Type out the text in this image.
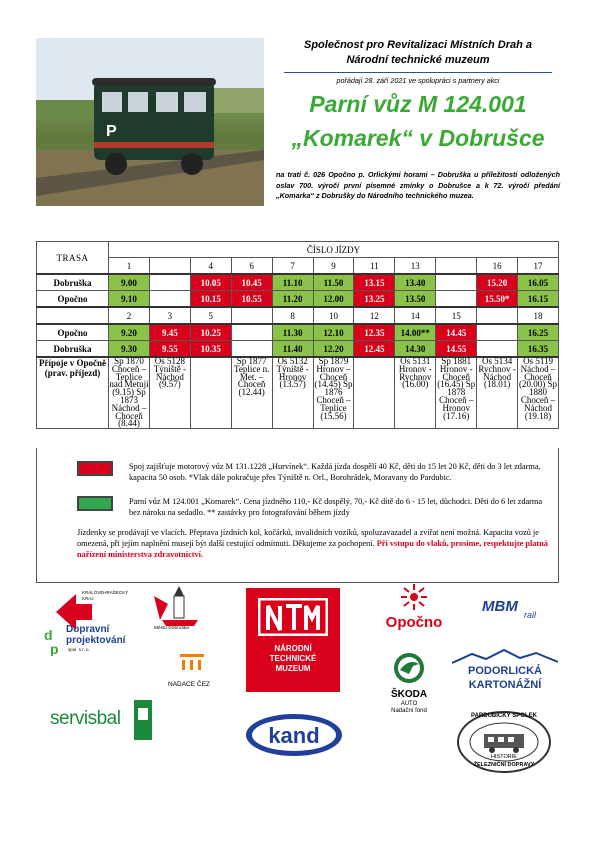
P
Společnost pro Revitalizaci Místních Drah a
Národní technické muzeum
pořádají 28. září 2021 ve spolupráci s partnery akci
Parní vůz M 124.001
„Komarek“ v Dobrušce
na trati č. 026 Opočno p. Orlickými horami – Dobruška u příležitosti odložených oslav 700. výročí první písemné zmínky o Dobrušce a k 72. výročí předání „Komarka“ z Dobrušky do Národního technického muzea.
TRASA	ČÍSLO JÍZDY										
	1		4	6	7	9	11	13		16	17
Dobruška	9.00		10.05	10.45	11.10	11.50	13.15	13.40		15.20	16.05
Opočno	9.10		10.15	10.55	11.20	12.00	13.25	13.50		15.50*	16.15
	2	3	5		8	10	12	14	15		18
Opočno	9.20	9.45	10.25		11.30	12.10	12.35	14.00**	14.45		16.25
Dobruška	9.30	9.55	10.35		11.40	12.20	12.45	14.30	14.55		16.35
Přípoje v Opočně (prav. příjezd)	Sp 1870 Choceň – Teplice nad Metují (9.15) Sp 1873 Náchod – Choceň (8.44)	Os 5128 Týniště - Náchod (9.57)		Sp 1877 Teplice n. Met. – Choceň (12.44)	Os 5132 Týniště - Hronov (13.57)	Sp 1879 Hronov – Choceň (14.45) Sp 1876 Choceň – Teplice (15.56)		Os 5131 Hronov - Rychnov (16.00)	Sp 1881 Hronov - Choceň (16.45) Sp 1878 Choceň – Hronov (17.16)	Os 5134 Rychnov - Náchod (18.01)	Os 5119 Náchod – Choceň (20.00) Sp 1880 Choceň – Náchod (19.18)
Spoj zajišťuje motorový vůz M 131.1228 „Hurvínek“. Každá jízda dospělí 40 Kč, děti do 15 let 20 Kč, děti do 3 let zdarma, kapacita 50 osob. *Vlak dále pokračuje přes Týniště n. Orl., Borohrádek, Moravany do Pardubic.
Parní vůz M 124.001 „Komarek“. Cena jízdného 110,- Kč dospělý, 70,- Kč dítě do 6 - 15 let, důchodci. Děti do 6 let zdarma bez nároku na sedadlo. ** zastávky pro fotografování během jízdy
Jízdenky se prodávají ve vlacích. Přeprava jízdních kol, kočárků, invalidních vozíků, spoluzavazadel a zvířat není možná. Kapacita vozů je omezená, při jejím naplnění musejí být další cestující odmítnuti. Děkujeme za pochopení. Při vstupu do vlaků, prosíme, respektujte platná nařízení ministerstva zdravotnictví.
KRÁLOVÉHRADECKÝ
KRAJ
d
p
Dopravní
projektování
spol. s r. o.
Město Dobruška
NADACE ČEZ
servisbal
NÁRODNÍ
TECHNICKÉ
MUZEUM
kand
Opočno
ŠKODA
AUTO
Nadační fond
MBM rail
PODORLICKÁ
KARTONÁŽNÍ
PARDUBICKÝ SPOLEK
HISTORIE
ŽELEZNIČNÍ DOPRAVY
